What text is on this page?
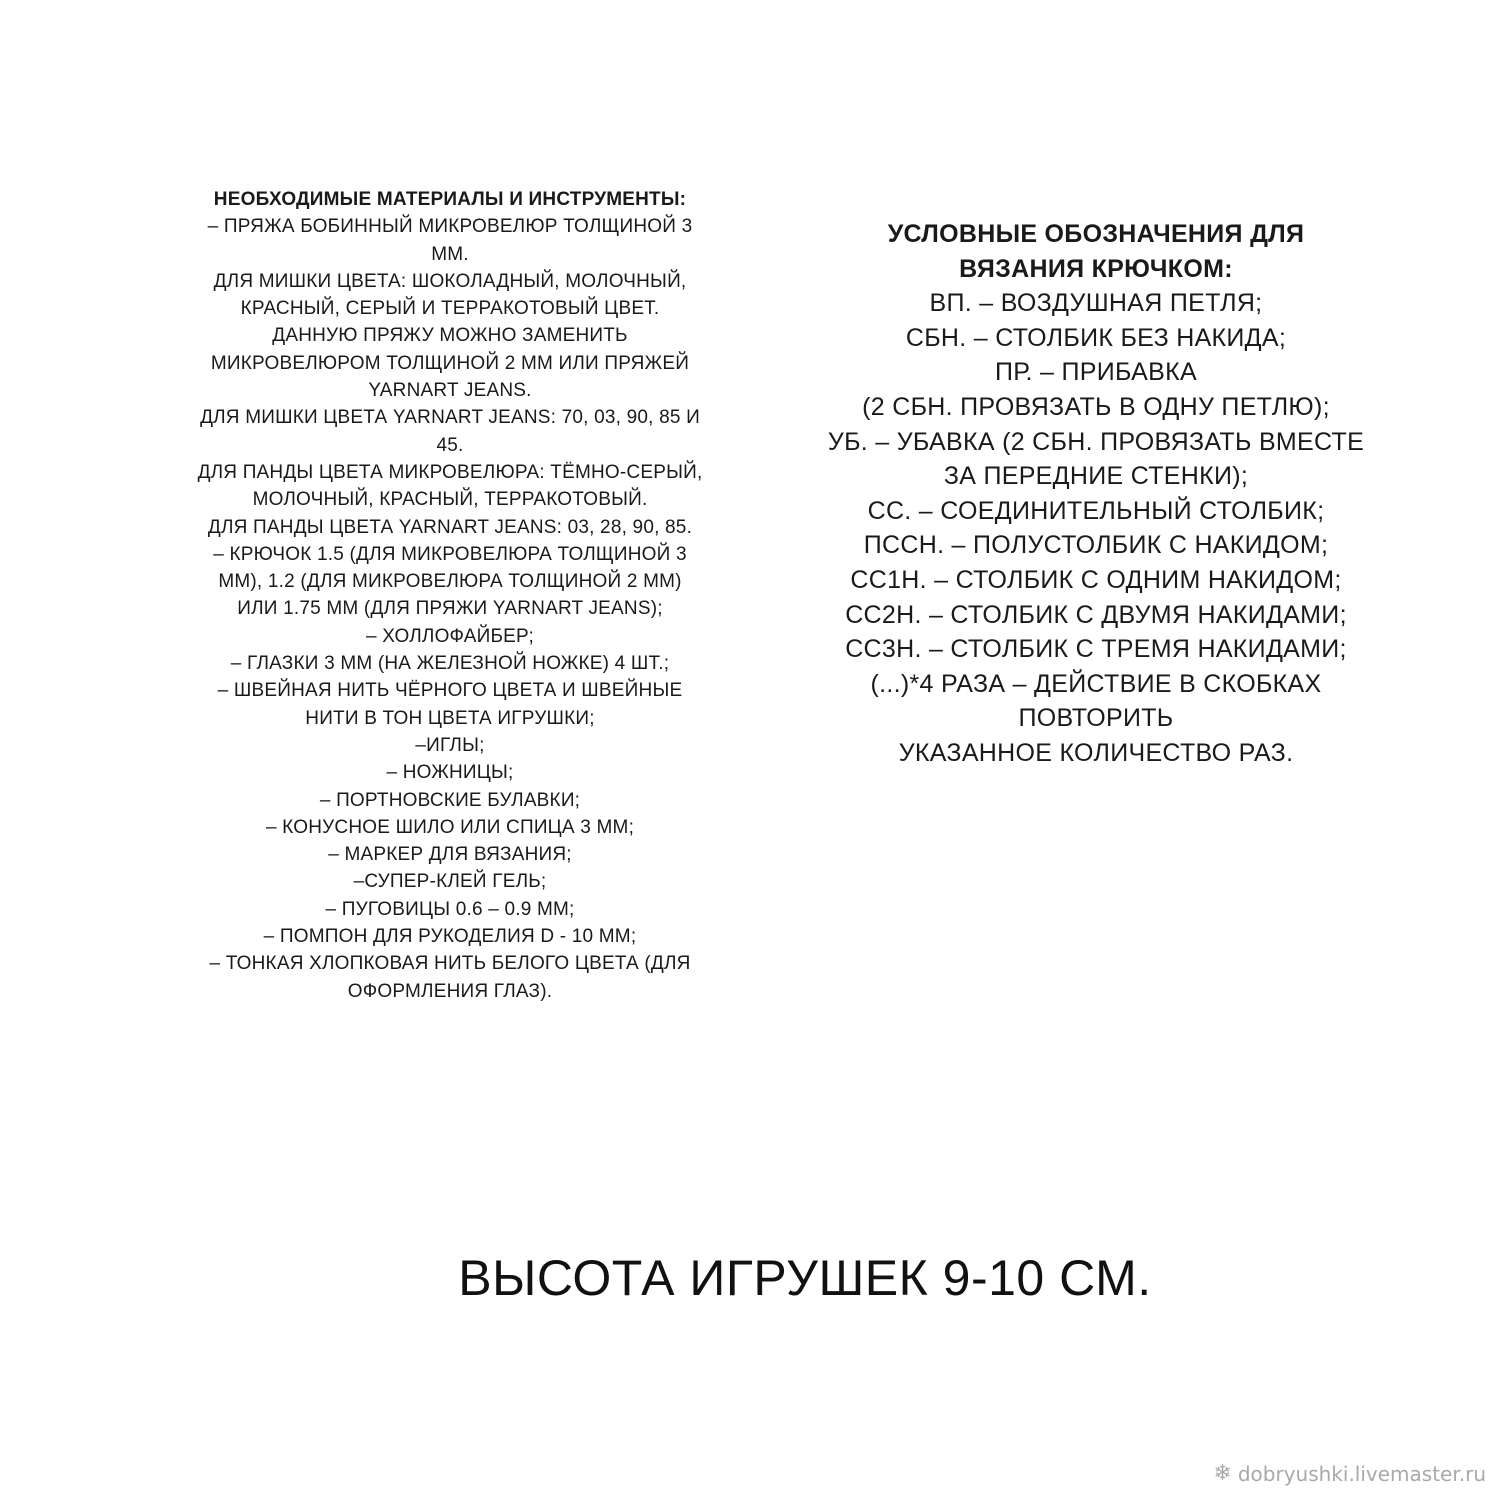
НЕОБХОДИМЫЕ МАТЕРИАЛЫ И ИНСТРУМЕНТЫ:
– ПРЯЖА БОБИННЫЙ МИКРОВЕЛЮР ТОЛЩИНОЙ 3
ММ.
ДЛЯ МИШКИ ЦВЕТА: ШОКОЛАДНЫЙ, МОЛОЧНЫЙ,
КРАСНЫЙ, СЕРЫЙ И ТЕРРАКОТОВЫЙ ЦВЕТ.
ДАННУЮ ПРЯЖУ МОЖНО ЗАМЕНИТЬ
МИКРОВЕЛЮРОМ ТОЛЩИНОЙ 2 ММ ИЛИ ПРЯЖЕЙ
YARNART JEANS.
ДЛЯ МИШКИ ЦВЕТА YARNART JEANS: 70, 03, 90, 85 И
45.
ДЛЯ ПАНДЫ ЦВЕТА МИКРОВЕЛЮРА: ТЁМНО-СЕРЫЙ,
МОЛОЧНЫЙ, КРАСНЫЙ, ТЕРРАКОТОВЫЙ.
ДЛЯ ПАНДЫ ЦВЕТА YARNART JEANS: 03, 28, 90, 85.
– КРЮЧОК 1.5 (ДЛЯ МИКРОВЕЛЮРА ТОЛЩИНОЙ 3
ММ), 1.2 (ДЛЯ МИКРОВЕЛЮРА ТОЛЩИНОЙ 2 ММ)
ИЛИ 1.75 ММ (ДЛЯ ПРЯЖИ YARNART JEANS);
– ХОЛЛОФАЙБЕР;
– ГЛАЗКИ 3 ММ (НА ЖЕЛЕЗНОЙ НОЖКЕ) 4 ШТ.;
– ШВЕЙНАЯ НИТЬ ЧЁРНОГО ЦВЕТА И ШВЕЙНЫЕ
НИТИ В ТОН ЦВЕТА ИГРУШКИ;
–ИГЛЫ;
– НОЖНИЦЫ;
– ПОРТНОВСКИЕ БУЛАВКИ;
– КОНУСНОЕ ШИЛО ИЛИ СПИЦА 3 ММ;
– МАРКЕР ДЛЯ ВЯЗАНИЯ;
–СУПЕР-КЛЕЙ ГЕЛЬ;
– ПУГОВИЦЫ 0.6 – 0.9 ММ;
– ПОМПОН ДЛЯ РУКОДЕЛИЯ D - 10 ММ;
– ТОНКАЯ ХЛОПКОВАЯ НИТЬ БЕЛОГО ЦВЕТА (ДЛЯ
ОФОРМЛЕНИЯ ГЛАЗ).
УСЛОВНЫЕ ОБОЗНАЧЕНИЯ ДЛЯ
ВЯЗАНИЯ КРЮЧКОМ:
ВП. – ВОЗДУШНАЯ ПЕТЛЯ;
СБН. – СТОЛБИК БЕЗ НАКИДА;
ПР. – ПРИБАВКА
(2 СБН. ПРОВЯЗАТЬ В ОДНУ ПЕТЛЮ);
УБ. – УБАВКА (2 СБН. ПРОВЯЗАТЬ ВМЕСТЕ
ЗА ПЕРЕДНИЕ СТЕНКИ);
СС. – СОЕДИНИТЕЛЬНЫЙ СТОЛБИК;
ПССН. – ПОЛУСТОЛБИК С НАКИДОМ;
СС1Н. – СТОЛБИК С ОДНИМ НАКИДОМ;
СС2Н. – СТОЛБИК С ДВУМЯ НАКИДАМИ;
СС3Н. – СТОЛБИК С ТРЕМЯ НАКИДАМИ;
(...)*4 РАЗА – ДЕЙСТВИЕ В СКОБКАХ
ПОВТОРИТЬ
УКАЗАННОЕ КОЛИЧЕСТВО РАЗ.
ВЫСОТА ИГРУШЕК 9-10 СМ.
❄ dobryushki.livemaster.ru
